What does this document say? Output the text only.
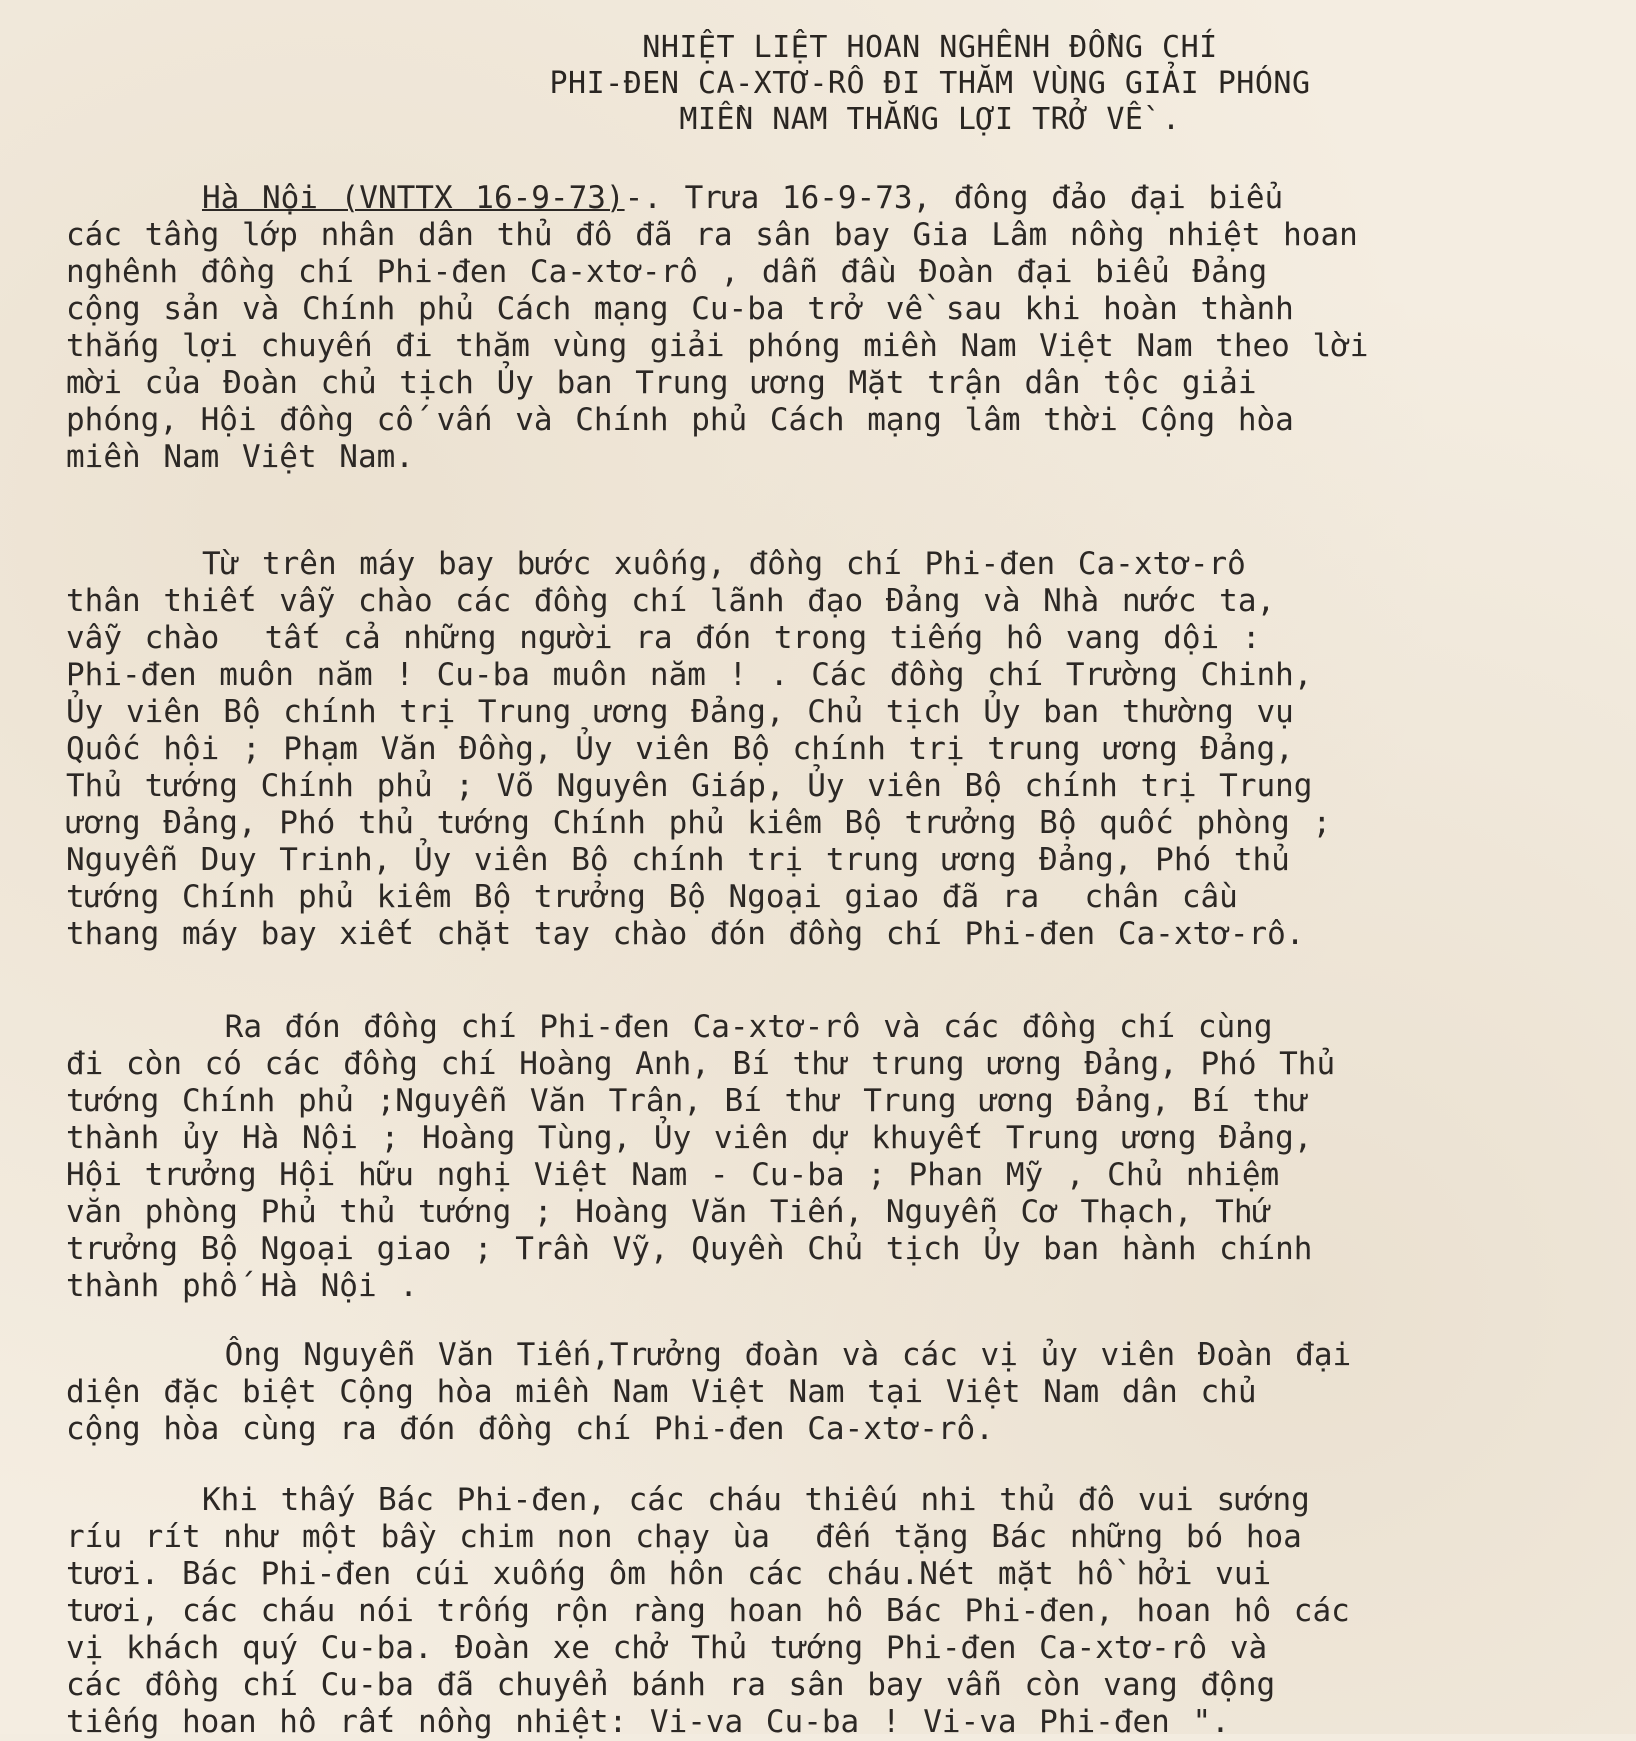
NHIỆT LIỆT HOAN NGHÊNH ĐỒNG CHÍ
PHI-ĐEN CA-XTƠ-RÔ ĐI THĂM VÙNG GIẢI PHÓNG
MIỀN NAM THẮNG LỢI TRỞ VỀ .

Hà Nội (VNTTX 16-9-73)-. Trưa 16-9-73, đông đảo đại biểu
các tầng lớp nhân dân thủ đô đã ra sân bay Gia Lâm nồng nhiệt hoan
nghênh đồng chí Phi-đen Ca-xtơ-rô , dẫn đầu Đoàn đại biểu Đảng
cộng sản và Chính phủ Cách mạng Cu-ba trở về sau khi hoàn thành
thắng lợi chuyến đi thăm vùng giải phóng miền Nam Việt Nam theo lời
mời của Đoàn chủ tịch Ủy ban Trung ương Mặt trận dân tộc giải
phóng, Hội đồng cố vấn và Chính phủ Cách mạng lâm thời Cộng hòa
miền Nam Việt Nam.

Từ trên máy bay bước xuống, đồng chí Phi-đen Ca-xtơ-rô
thân thiết vẫy chào các đồng chí lãnh đạo Đảng và Nhà nước ta,
vẫy chào  tất cả những người ra đón trong tiếng hô vang dội :
Phi-đen muôn năm ! Cu-ba muôn năm ! . Các đồng chí Trường Chinh,
Ủy viên Bộ chính trị Trung ương Đảng, Chủ tịch Ủy ban thường vụ
Quốc hội ; Phạm Văn Đồng, Ủy viên Bộ chính trị trung ương Đảng,
Thủ tướng Chính phủ ; Võ Nguyên Giáp, Ủy viên Bộ chính trị Trung
ương Đảng, Phó thủ tướng Chính phủ kiêm Bộ trưởng Bộ quốc phòng ;
Nguyễn Duy Trinh, Ủy viên Bộ chính trị trung ương Đảng, Phó thủ
tướng Chính phủ kiêm Bộ trưởng Bộ Ngoại giao đã ra  chân cầu
thang máy bay xiết chặt tay chào đón đồng chí Phi-đen Ca-xtơ-rô.

Ra đón đồng chí Phi-đen Ca-xtơ-rô và các đồng chí cùng
đi còn có các đồng chí Hoàng Anh, Bí thư trung ương Đảng, Phó Thủ
tướng Chính phủ ;Nguyễn Văn Trân, Bí thư Trung ương Đảng, Bí thư
thành ủy Hà Nội ; Hoàng Tùng, Ủy viên dự khuyết Trung ương Đảng,
Hội trưởng Hội hữu nghị Việt Nam - Cu-ba ; Phan Mỹ , Chủ nhiệm
văn phòng Phủ thủ tướng ; Hoàng Văn Tiến, Nguyễn Cơ Thạch, Thứ
trưởng Bộ Ngoại giao ; Trần Vỹ, Quyền Chủ tịch Ủy ban hành chính
thành phố Hà Nội .

Ông Nguyễn Văn Tiến,Trưởng đoàn và các vị ủy viên Đoàn đại
diện đặc biệt Cộng hòa miền Nam Việt Nam tại Việt Nam dân chủ
cộng hòa cùng ra đón đồng chí Phi-đen Ca-xtơ-rô.

Khi thấy Bác Phi-đen, các cháu thiếu nhi thủ đô vui sướng
ríu rít như một bầy chim non chạy ùa  đến tặng Bác những bó hoa
tươi. Bác Phi-đen cúi xuống ôm hôn các cháu.Nét mặt hồ hởi vui
tươi, các cháu nói trống rộn ràng hoan hô Bác Phi-đen, hoan hô các
vị khách quý Cu-ba. Đoàn xe chở Thủ tướng Phi-đen Ca-xtơ-rô và
các đồng chí Cu-ba đã chuyển bánh ra sân bay vẫn còn vang động
tiếng hoan hô rất nồng nhiệt: Vi-va Cu-ba ! Vi-va Phi-đen ".
